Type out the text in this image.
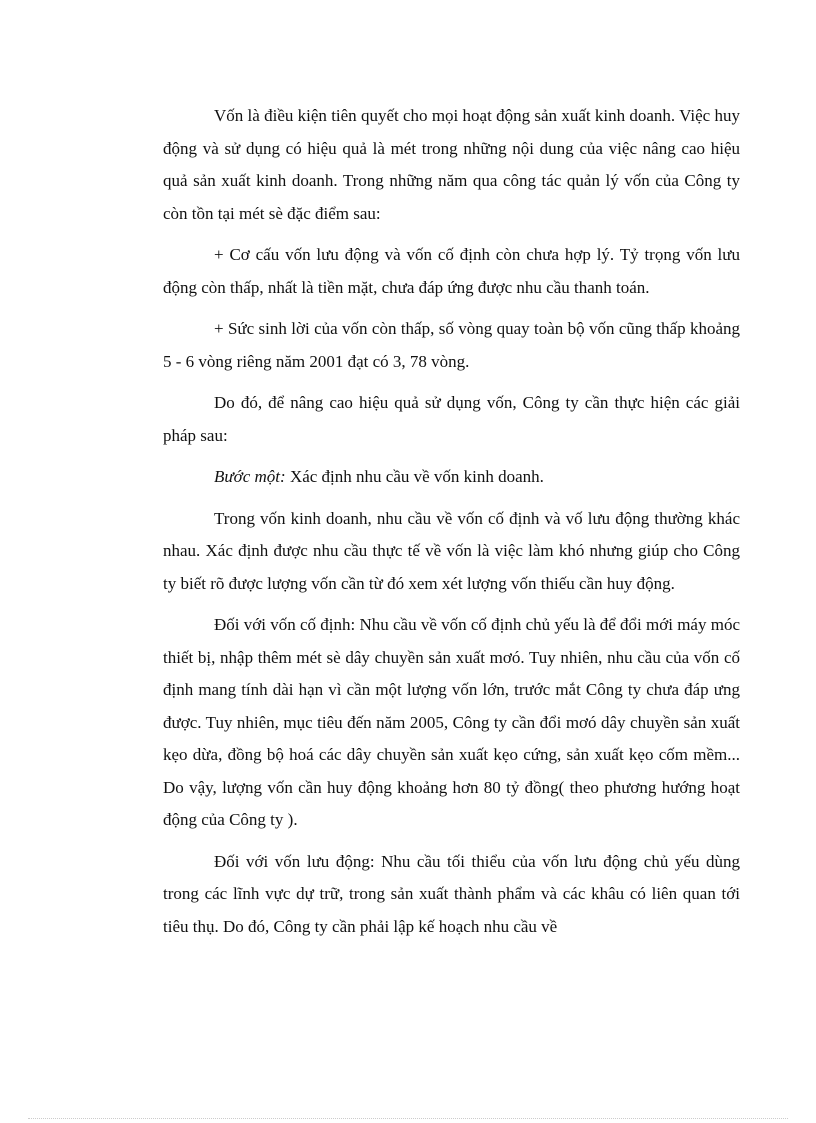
Vốn là điều kiện tiên quyết cho mọi hoạt động sản xuất kinh doanh. Việc huy động và sử dụng có hiệu quả là mét trong những nội dung của việc nâng cao hiệu quả sản xuất kinh doanh. Trong những năm qua công tác quản lý vốn của Công ty còn tồn tại mét sè đặc điểm sau:

+ Cơ cấu vốn lưu động và vốn cố định còn chưa hợp lý. Tỷ trọng vốn lưu động còn thấp, nhất là tiền mặt, chưa đáp ứng được nhu cầu thanh toán.

+ Sức sinh lời của vốn còn thấp, số vòng quay toàn bộ vốn cũng thấp khoảng 5 - 6 vòng riêng năm 2001 đạt có 3, 78 vòng.

Do đó, để nâng cao hiệu quả sử dụng vốn, Công ty cần thực hiện các giải pháp sau:

Bước một: Xác định nhu cầu về vốn kinh doanh.

Trong vốn kinh doanh, nhu cầu về vốn cố định và vố lưu động thường khác nhau. Xác định được nhu cầu thực tế về vốn là việc làm khó nhưng giúp cho Công ty biết rõ được lượng vốn cần từ đó xem xét lượng vốn thiếu cần huy động.

Đối với vốn cố định: Nhu cầu về vốn cố định chủ yếu là để đổi mới máy móc thiết bị, nhập thêm mét sè dây chuyền sản xuất mơó. Tuy nhiên, nhu cầu của vốn cố định mang tính dài hạn vì cần một lượng vốn lớn, trước mắt Công ty chưa đáp ưng được. Tuy nhiên, mục tiêu đến năm 2005, Công ty cần đổi mơó dây chuyền sản xuất kẹo dừa, đồng bộ hoá các dây chuyền sản xuất kẹo cứng, sản xuất kẹo cốm mềm... Do vậy, lượng vốn cần huy động khoảng hơn 80 tỷ đồng( theo phương hướng hoạt động của Công ty ).

Đối với vốn lưu động: Nhu cầu tối thiểu của vốn lưu động chủ yếu dùng trong các lĩnh vực dự trữ, trong sản xuất thành phẩm và các khâu có liên quan tới tiêu thụ. Do đó, Công ty cần phải lập kế hoạch nhu cầu về
